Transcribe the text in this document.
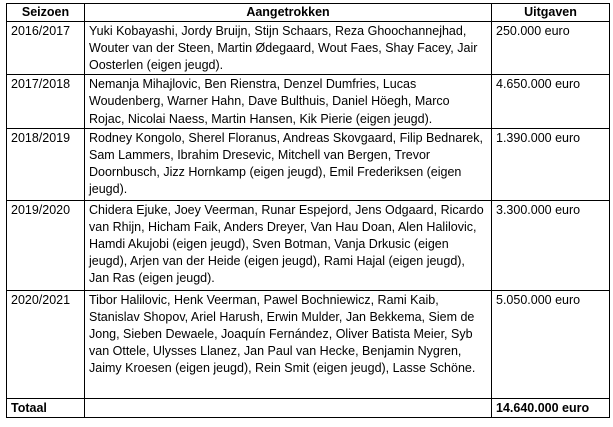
Seizoen	Aangetrokken	Uitgaven
2016/2017	Yuki Kobayashi, Jordy Bruijn, Stijn Schaars, Reza Ghoochannejhad, Wouter van der Steen, Martin Ødegaard, Wout Faes, Shay Facey, Jair Oosterlen (eigen jeugd).	250.000 euro
2017/2018	Nemanja Mihajlovic, Ben Rienstra, Denzel Dumfries, Lucas Woudenberg, Warner Hahn, Dave Bulthuis, Daniel Höegh, Marco Rojac, Nicolai Naess, Martin Hansen, Kik Pierie (eigen jeugd).	4.650.000 euro
2018/2019	Rodney Kongolo, Sherel Floranus, Andreas Skovgaard, Filip Bednarek, Sam Lammers, Ibrahim Dresevic, Mitchell van Bergen, Trevor Doornbusch, Jizz Hornkamp (eigen jeugd), Emil Frederiksen (eigen jeugd).	1.390.000 euro
2019/2020	Chidera Ejuke, Joey Veerman, Runar Espejord, Jens Odgaard, Ricardo van Rhijn, Hicham Faik, Anders Dreyer, Van Hau Doan, Alen Halilovic, Hamdi Akujobi (eigen jeugd), Sven Botman, Vanja Drkusic (eigen jeugd), Arjen van der Heide (eigen jeugd), Rami Hajal (eigen jeugd), Jan Ras (eigen jeugd).	3.300.000 euro
2020/2021	Tibor Halilovic, Henk Veerman, Pawel Bochniewicz, Rami Kaib, Stanislav Shopov, Ariel Harush, Erwin Mulder, Jan Bekkema, Siem de Jong, Sieben Dewaele, Joaquín Fernández, Oliver Batista Meier, Syb van Ottele, Ulysses Llanez, Jan Paul van Hecke, Benjamin Nygren, Jaimy Kroesen (eigen jeugd), Rein Smit (eigen jeugd), Lasse Schöne.	5.050.000 euro
Totaal		14.640.000 euro
